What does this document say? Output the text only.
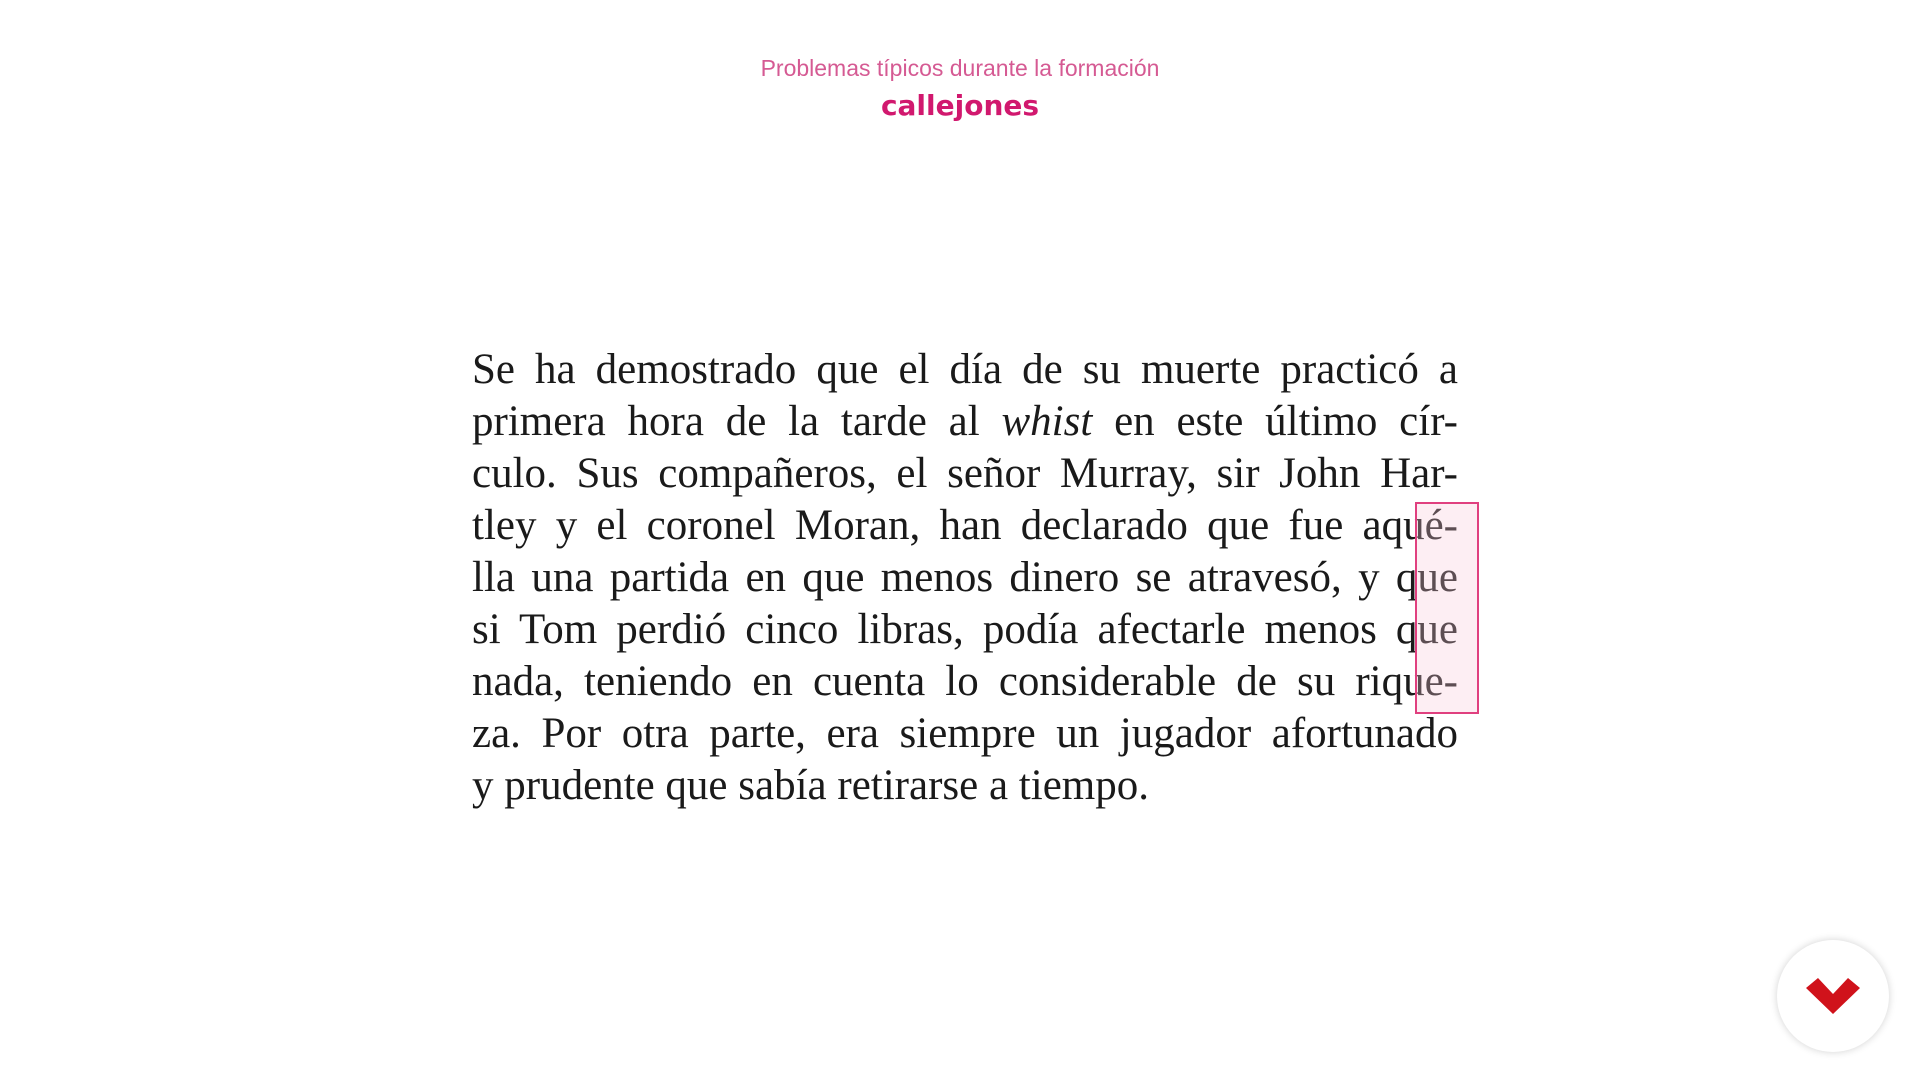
Problemas típicos durante la formación
callejones
Se ha demostrado que el día de su muerte practicó a
primera hora de la tarde al whist en este último cír-
culo. Sus compañeros, el señor Murray, sir John Har-
tley y el coronel Moran, han declarado que fue aqué-
lla una partida en que menos dinero se atravesó, y que
si Tom perdió cinco libras, podía afectarle menos que
nada, teniendo en cuenta lo considerable de su rique-
za. Por otra parte, era siempre un jugador afortunado
y prudente que sabía retirarse a tiempo.
